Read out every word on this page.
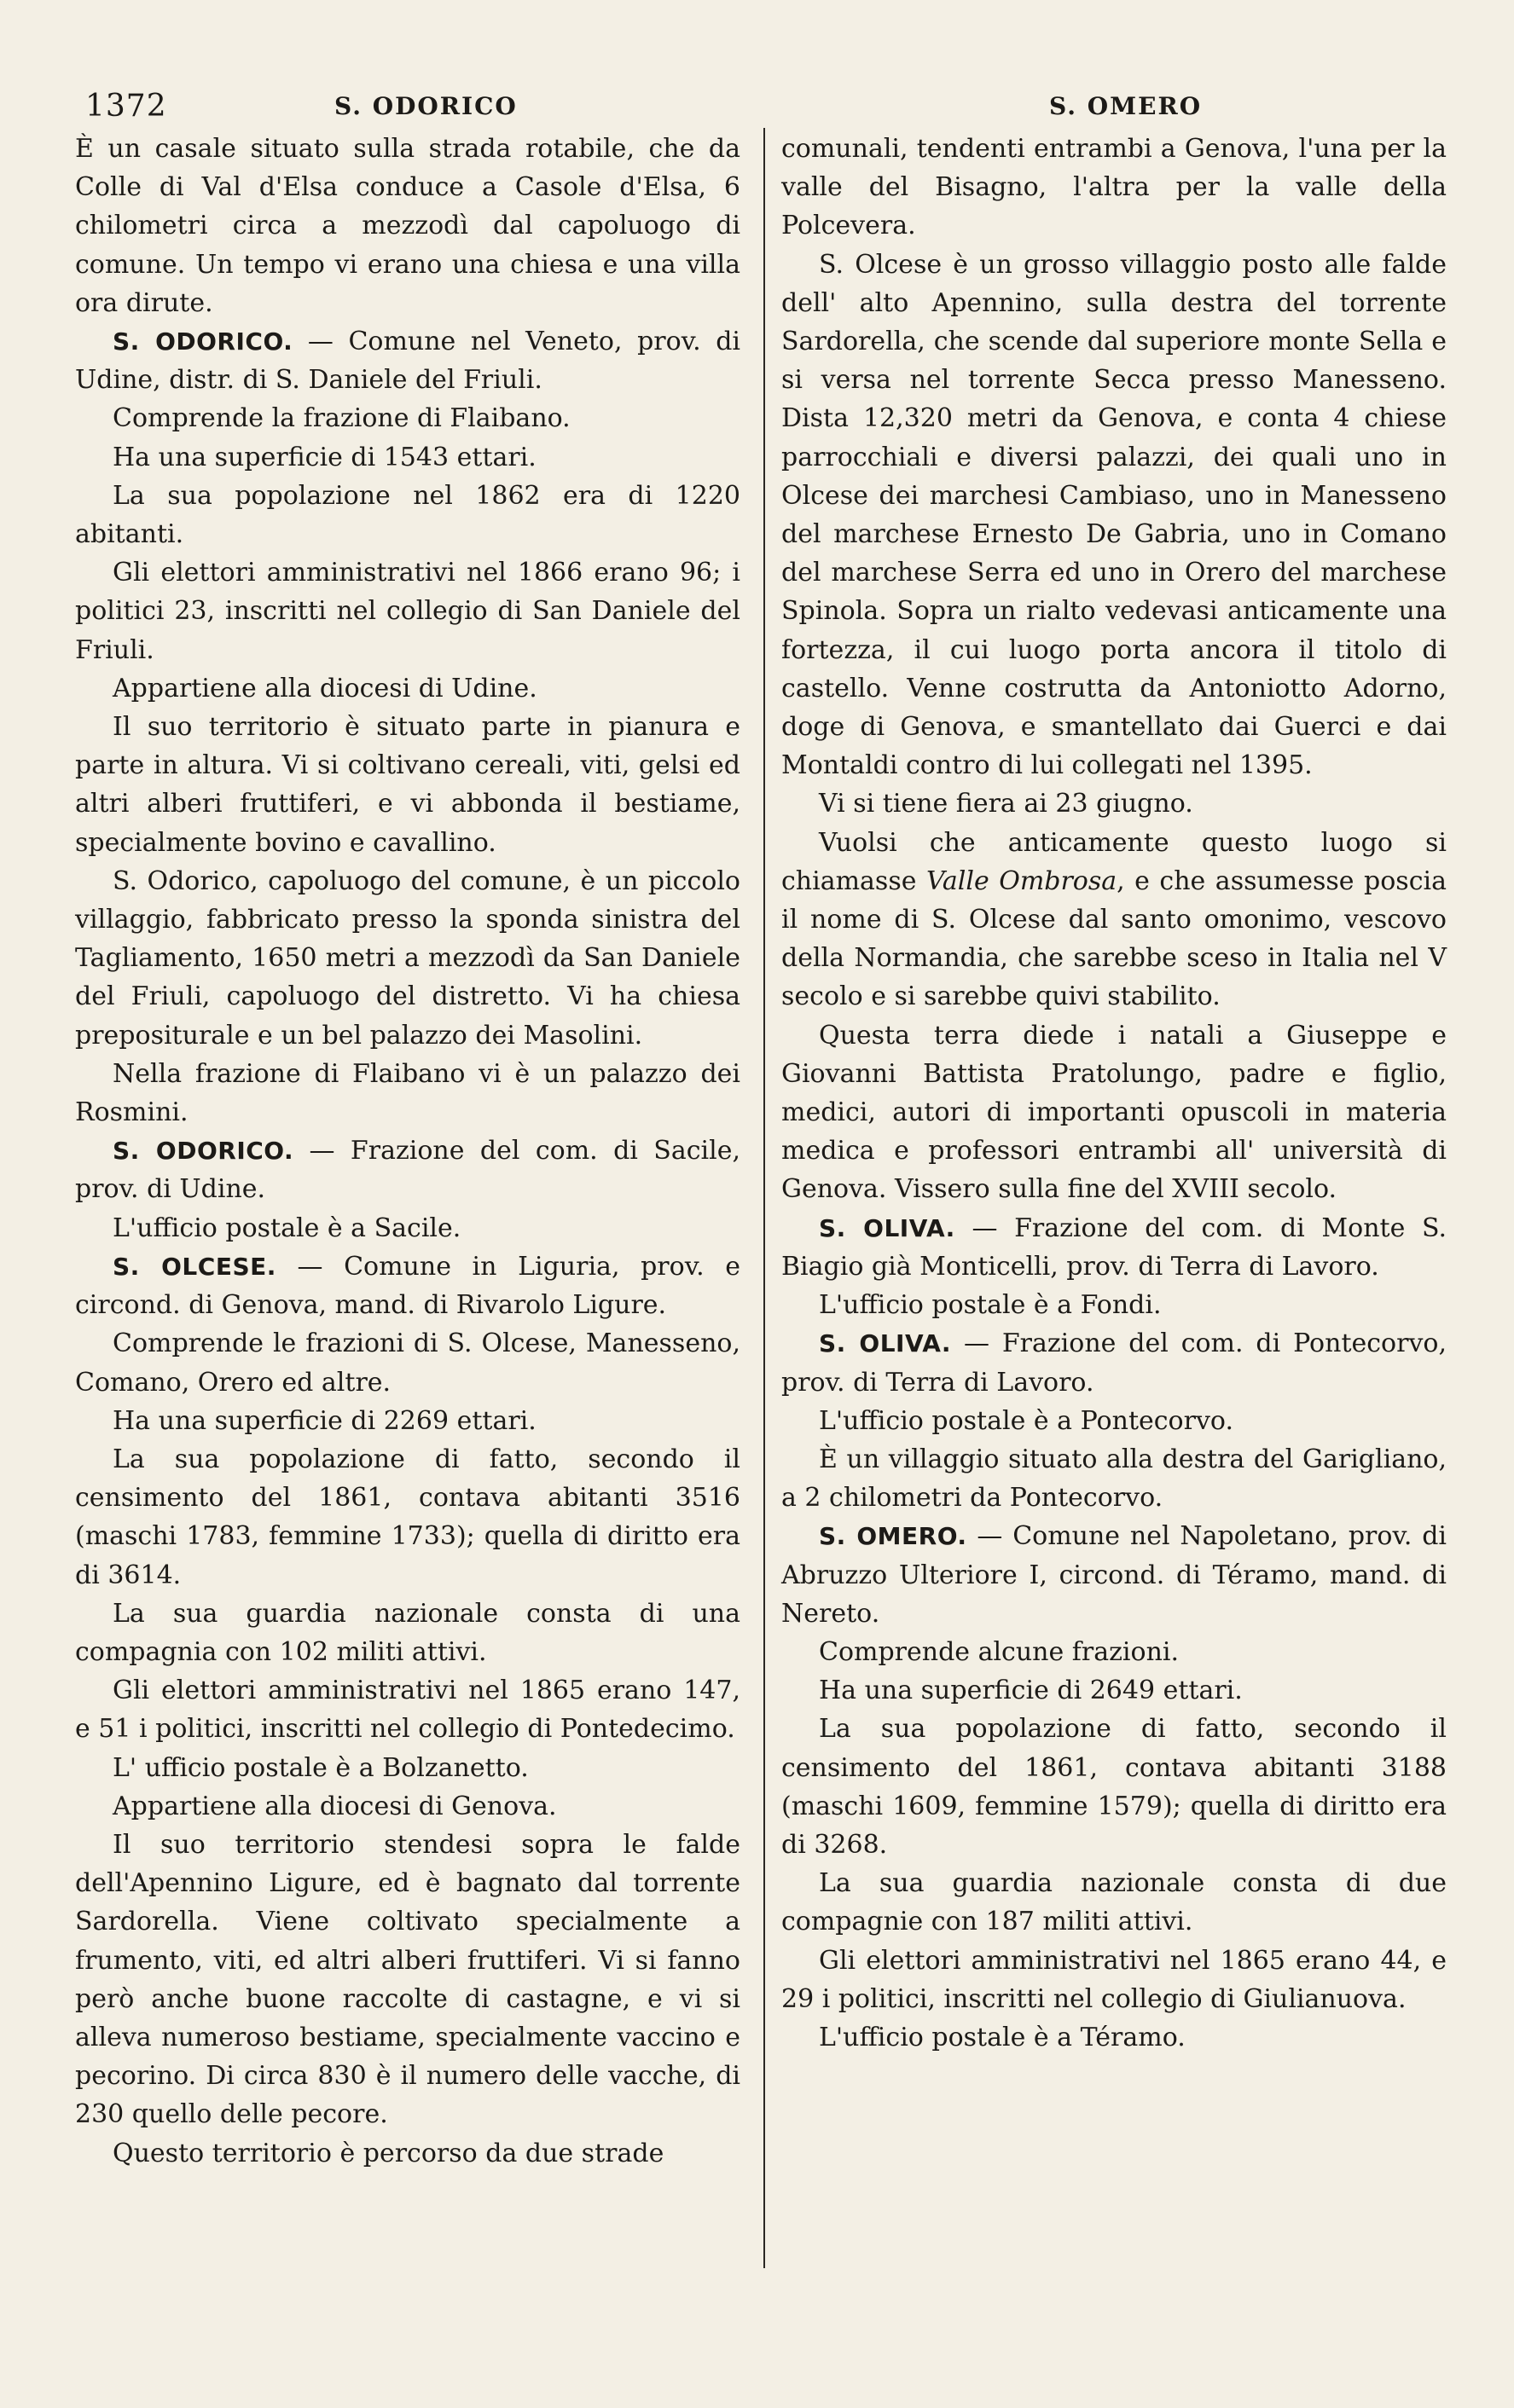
1372	S. ODORICO	S. OMERO

È un casale situato sulla strada rotabile, che da Colle di Val d'Elsa conduce a Casole d'Elsa, 6 chilometri circa a mezzodì dal capoluogo di comune. Un tempo vi erano una chiesa e una villa ora dirute.

S. ODORICO. — Comune nel Veneto, prov. di Udine, distr. di S. Daniele del Friuli.

Comprende la frazione di Flaibano.

Ha una superficie di 1543 ettari.

La sua popolazione nel 1862 era di 1220 abitanti.

Gli elettori amministrativi nel 1866 erano 96; i politici 23, inscritti nel collegio di San Daniele del Friuli.

Appartiene alla diocesi di Udine.

Il suo territorio è situato parte in pianura e parte in altura. Vi si coltivano cereali, viti, gelsi ed altri alberi fruttiferi, e vi abbonda il bestiame, specialmente bovino e cavallino.

S. Odorico, capoluogo del comune, è un piccolo villaggio, fabbricato presso la sponda sinistra del Tagliamento, 1650 metri a mezzodì da San Daniele del Friuli, capoluogo del distretto. Vi ha chiesa prepositurale e un bel palazzo dei Masolini.

Nella frazione di Flaibano vi è un palazzo dei Rosmini.

S. ODORICO. — Frazione del com. di Sacile, prov. di Udine.

L'ufficio postale è a Sacile.

S. OLCESE. — Comune in Liguria, prov. e circond. di Genova, mand. di Rivarolo Ligure.

Comprende le frazioni di S. Olcese, Manesseno, Comano, Orero ed altre.

Ha una superficie di 2269 ettari.

La sua popolazione di fatto, secondo il censimento del 1861, contava abitanti 3516 (maschi 1783, femmine 1733); quella di diritto era di 3614.

La sua guardia nazionale consta di una compagnia con 102 militi attivi.

Gli elettori amministrativi nel 1865 erano 147, e 51 i politici, inscritti nel collegio di Pontedecimo.

L' ufficio postale è a Bolzanetto.

Appartiene alla diocesi di Genova.

Il suo territorio stendesi sopra le falde dell'Apennino Ligure, ed è bagnato dal torrente Sardorella. Viene coltivato specialmente a frumento, viti, ed altri alberi fruttiferi. Vi si fanno però anche buone raccolte di castagne, e vi si alleva numeroso bestiame, specialmente vaccino e pecorino. Di circa 830 è il numero delle vacche, di 230 quello delle pecore.

Questo territorio è percorso da due strade

comunali, tendenti entrambi a Genova, l'una per la valle del Bisagno, l'altra per la valle della Polcevera.

S. Olcese è un grosso villaggio posto alle falde dell' alto Apennino, sulla destra del torrente Sardorella, che scende dal superiore monte Sella e si versa nel torrente Secca presso Manesseno. Dista 12,320 metri da Genova, e conta 4 chiese parrocchiali e diversi palazzi, dei quali uno in Olcese dei marchesi Cambiaso, uno in Manesseno del marchese Ernesto De Gabria, uno in Comano del marchese Serra ed uno in Orero del marchese Spinola. Sopra un rialto vedevasi anticamente una fortezza, il cui luogo porta ancora il titolo di castello. Venne costrutta da Antoniotto Adorno, doge di Genova, e smantellato dai Guerci e dai Montaldi contro di lui collegati nel 1395.

Vi si tiene fiera ai 23 giugno.

Vuolsi che anticamente questo luogo si chiamasse Valle Ombrosa, e che assumesse poscia il nome di S. Olcese dal santo omonimo, vescovo della Normandia, che sarebbe sceso in Italia nel V secolo e si sarebbe quivi stabilito.

Questa terra diede i natali a Giuseppe e Giovanni Battista Pratolungo, padre e figlio, medici, autori di importanti opuscoli in materia medica e professori entrambi all' università di Genova. Vissero sulla fine del XVIII secolo.

S. OLIVA. — Frazione del com. di Monte S. Biagio già Monticelli, prov. di Terra di Lavoro.

L'ufficio postale è a Fondi.

S. OLIVA. — Frazione del com. di Pontecorvo, prov. di Terra di Lavoro.

L'ufficio postale è a Pontecorvo.

È un villaggio situato alla destra del Garigliano, a 2 chilometri da Pontecorvo.

S. OMERO. — Comune nel Napoletano, prov. di Abruzzo Ulteriore I, circond. di Téramo, mand. di Nereto.

Comprende alcune frazioni.

Ha una superficie di 2649 ettari.

La sua popolazione di fatto, secondo il censimento del 1861, contava abitanti 3188 (maschi 1609, femmine 1579); quella di diritto era di 3268.

La sua guardia nazionale consta di due compagnie con 187 militi attivi.

Gli elettori amministrativi nel 1865 erano 44, e 29 i politici, inscritti nel collegio di Giulianuova.

L'ufficio postale è a Téramo.
